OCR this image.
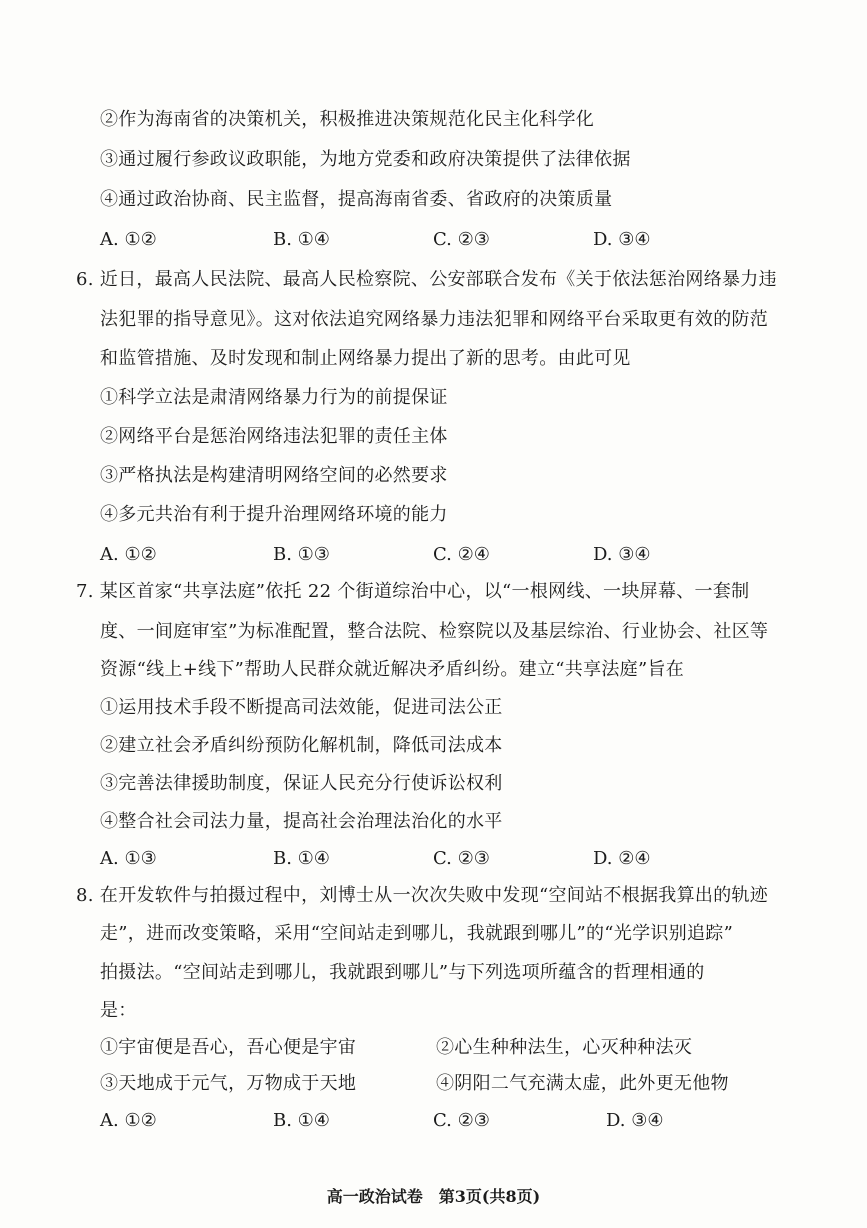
②作为海南省的决策机关，积极推进决策规范化民主化科学化
③通过履行参政议政职能，为地方党委和政府决策提供了法律依据
④通过政治协商、民主监督，提高海南省委、省政府的决策质量
A. ①②	B. ①④	C. ②③	D. ③④
6. 近日，最高人民法院、最高人民检察院、公安部联合发布《关于依法惩治网络暴力违
法犯罪的指导意见》。这对依法追究网络暴力违法犯罪和网络平台采取更有效的防范
和监管措施、及时发现和制止网络暴力提出了新的思考。由此可见
①科学立法是肃清网络暴力行为的前提保证
②网络平台是惩治网络违法犯罪的责任主体
③严格执法是构建清明网络空间的必然要求
④多元共治有利于提升治理网络环境的能力
A. ①②	B. ①③	C. ②④	D. ③④
7. 某区首家“共享法庭”依托 22 个街道综治中心，以“一根网线、一块屏幕、一套制
度、一间庭审室”为标准配置，整合法院、检察院以及基层综治、行业协会、社区等
资源“线上+线下”帮助人民群众就近解决矛盾纠纷。建立“共享法庭”旨在
①运用技术手段不断提高司法效能，促进司法公正
②建立社会矛盾纠纷预防化解机制，降低司法成本
③完善法律援助制度，保证人民充分行使诉讼权利
④整合社会司法力量，提高社会治理法治化的水平
A. ①③	B. ①④	C. ②③	D. ②④
8. 在开发软件与拍摄过程中，刘博士从一次次失败中发现“空间站不根据我算出的轨迹
走”，进而改变策略，采用“空间站走到哪儿，我就跟到哪儿”的“光学识别追踪”
拍摄法。“空间站走到哪儿，我就跟到哪儿”与下列选项所蕴含的哲理相通的
是：
①宇宙便是吾心，吾心便是宇宙	②心生种种法生，心灭种种法灭
③天地成于元气，万物成于天地	④阴阳二气充满太虚，此外更无他物
A. ①②	B. ①④	C. ②③	D. ③④
高一政治试卷　第3页(共8页)
